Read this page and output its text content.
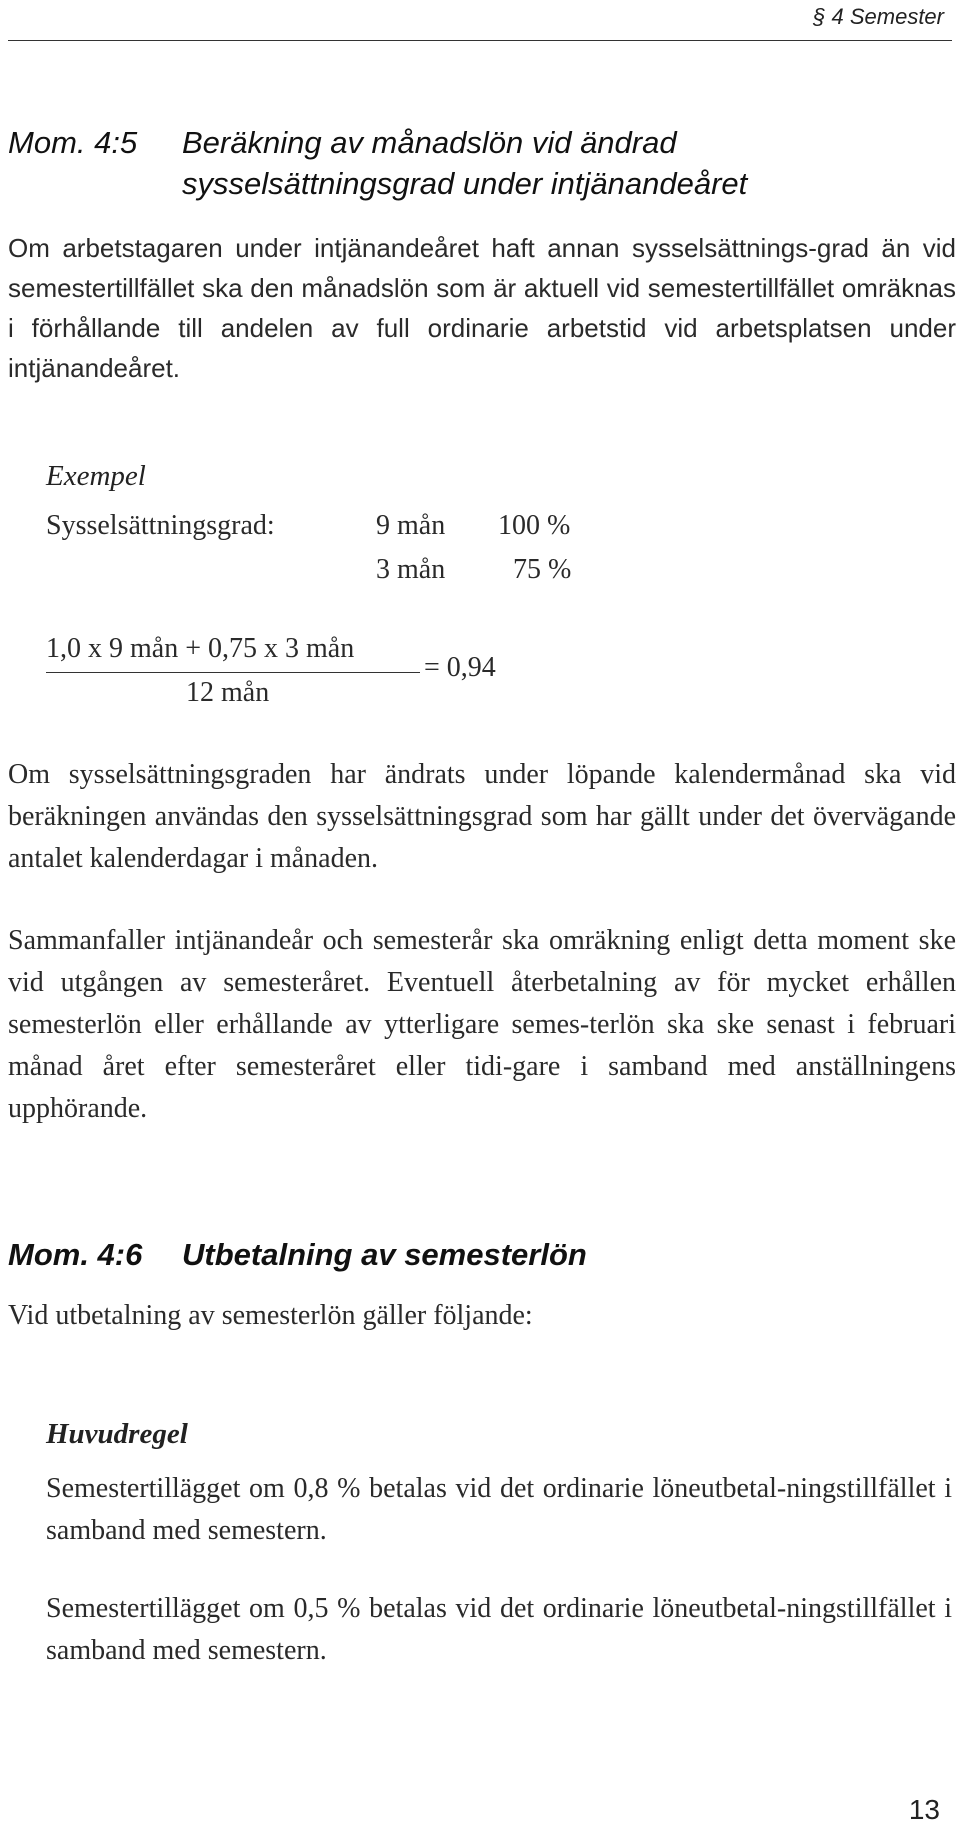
§ 4 Semester
Mom. 4:5 Beräkning av månadslön vid ändrad
sysselsättningsgrad under intjänandeåret
Om arbetstagaren under intjänandeåret haft annan sysselsättnings-grad än vid semestertillfället ska den månadslön som är aktuell vid semestertillfället omräknas i förhållande till andelen av full ordinarie arbetstid vid arbetsplatsen under intjänandeåret.
Exempel
Sysselsättningsgrad:	9 mån 100 %
3 mån 75 %
1,0 x 9 mån + 0,75 x 3 mån
12 mån
= 0,94
Om sysselsättningsgraden har ändrats under löpande kalendermånad ska vid beräkningen användas den sysselsättningsgrad som har gällt under det övervägande antalet kalenderdagar i månaden.
Sammanfaller intjänandeår och semesterår ska omräkning enligt detta moment ske vid utgången av semesteråret. Eventuell återbetalning av för mycket erhållen semesterlön eller erhållande av ytterligare semes-terlön ska ske senast i februari månad året efter semesteråret eller tidi-gare i samband med anställningens upphörande.
Mom. 4:6 Utbetalning av semesterlön
Vid utbetalning av semesterlön gäller följande:
Huvudregel
Semestertillägget om 0,8 % betalas vid det ordinarie löneutbetal-ningstillfället i samband med semestern.
Semestertillägget om 0,5 % betalas vid det ordinarie löneutbetal-ningstillfället i samband med semestern.
13
